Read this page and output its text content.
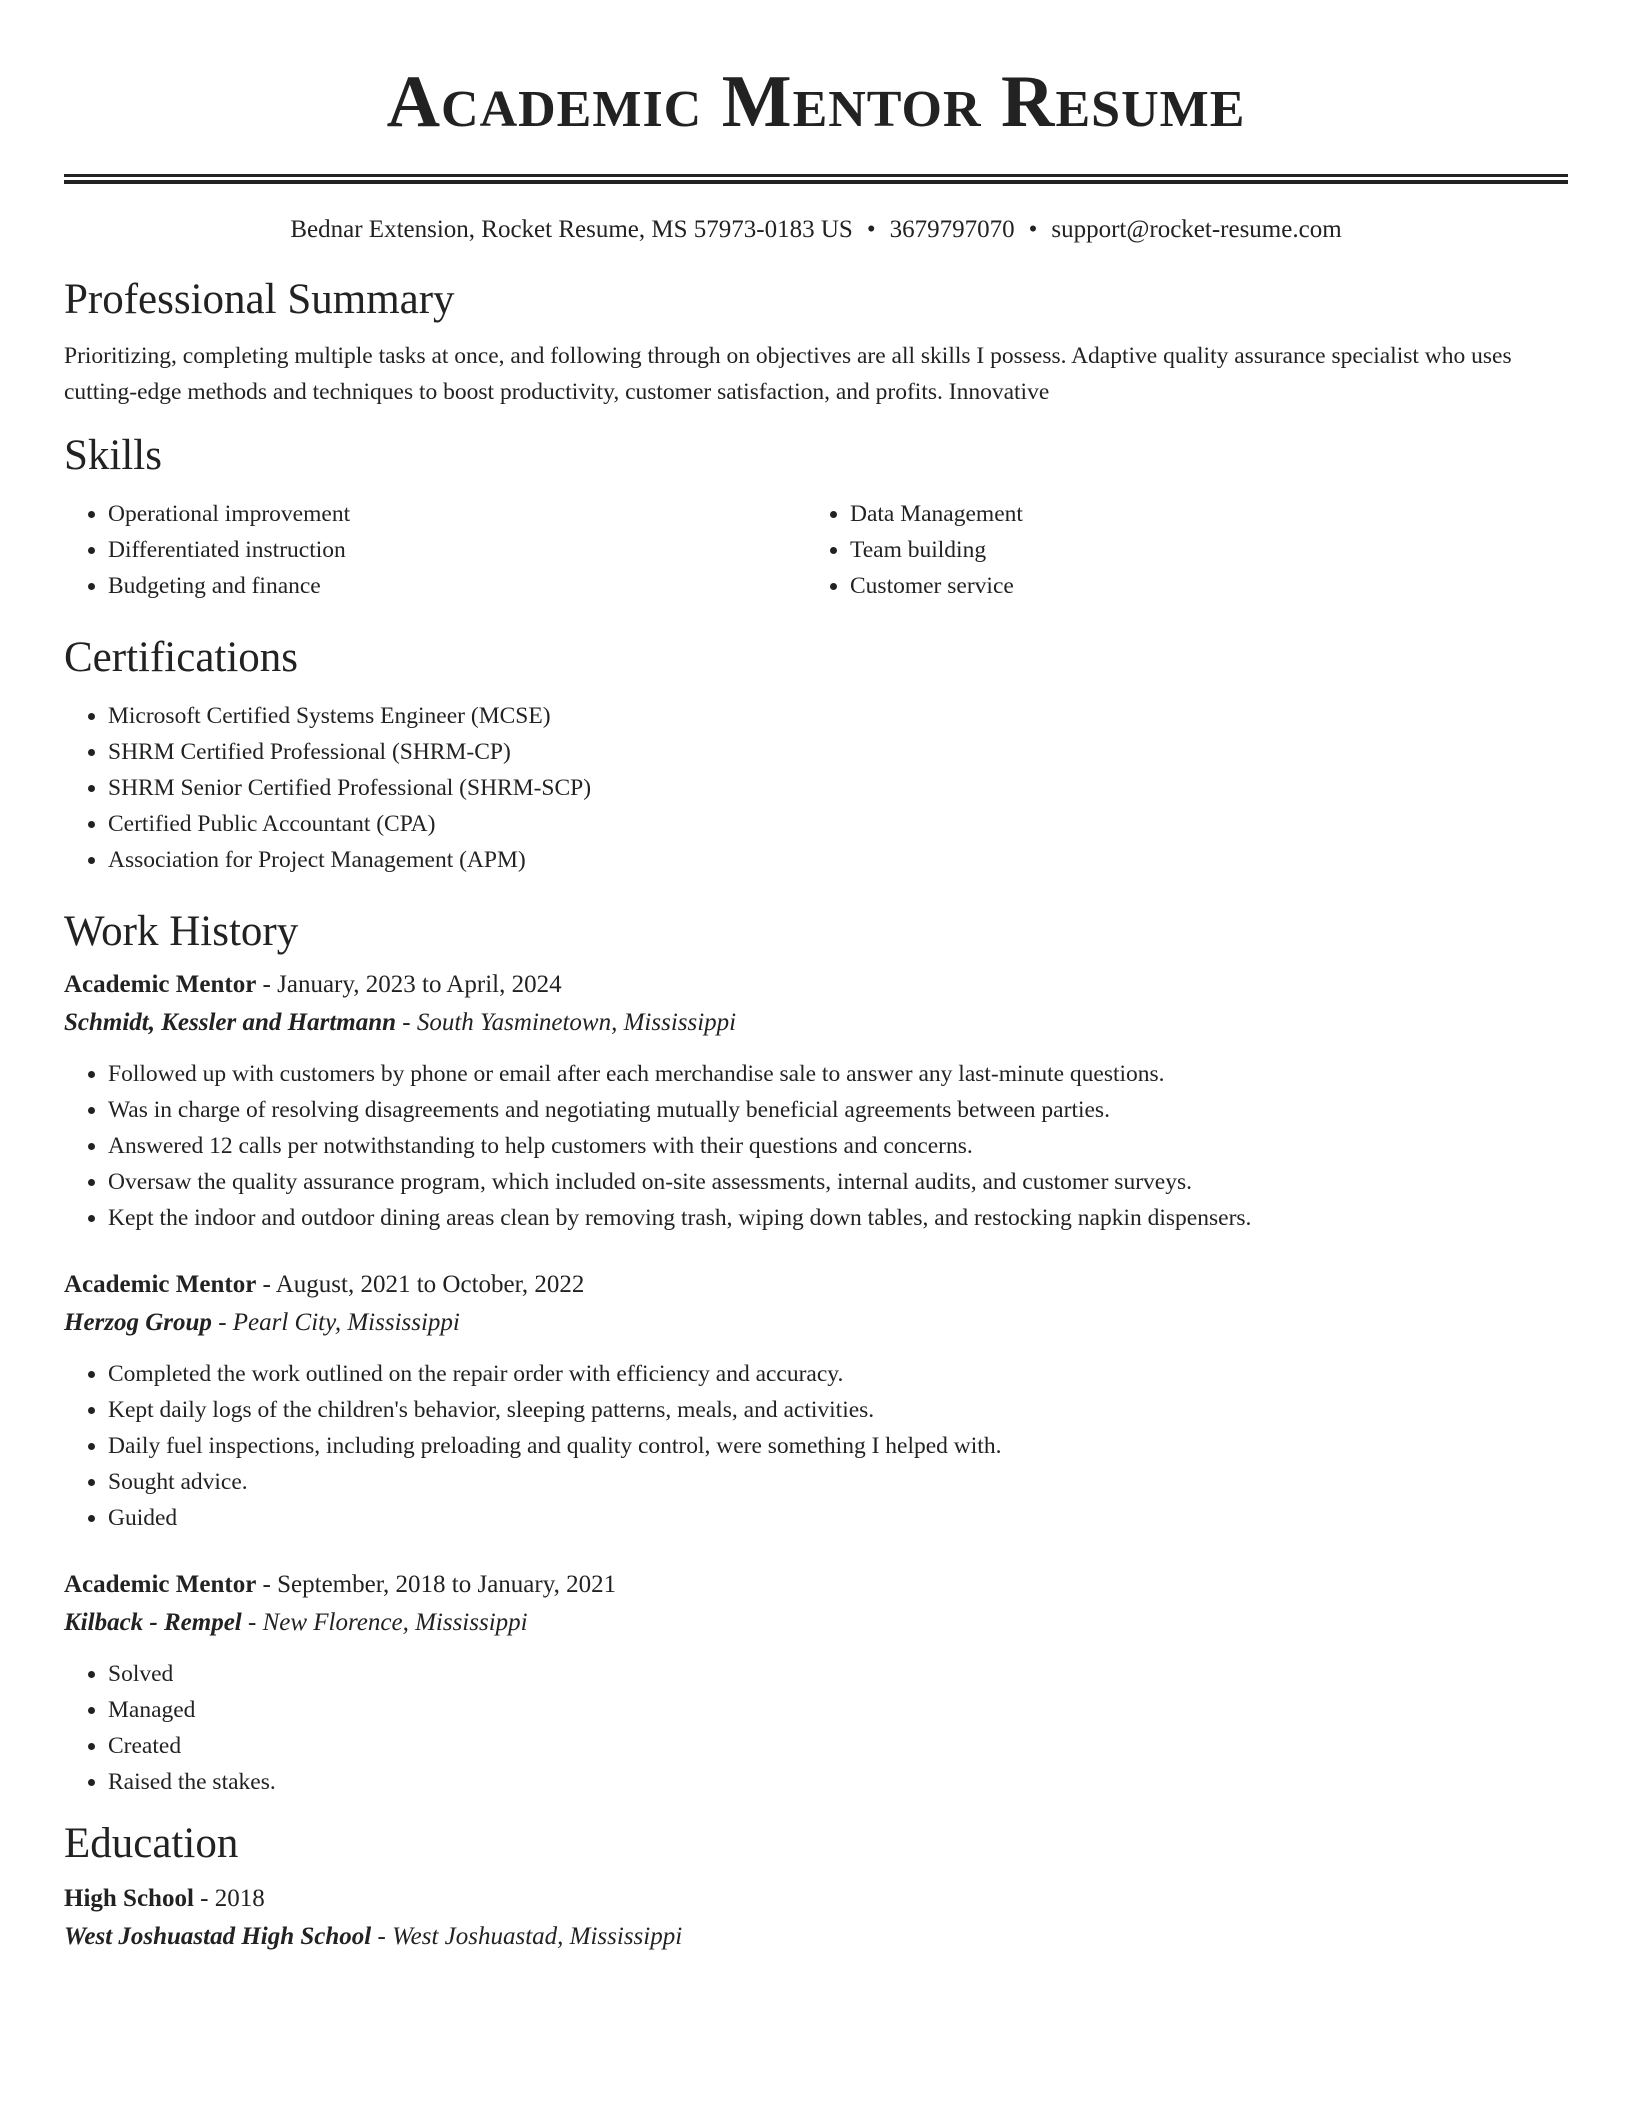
Academic Mentor Resume
Bednar Extension, Rocket Resume, MS 57973-0183 US • 3679797070 • support@rocket-resume.com
Professional Summary

Prioritizing, completing multiple tasks at once, and following through on objectives are all skills I possess. Adaptive quality assurance specialist who uses cutting-edge methods and techniques to boost productivity, customer satisfaction, and profits. Innovative

Skills
• Operational improvement
• Differentiated instruction
• Budgeting and finance
• Data Management
• Team building
• Customer service
Certifications
• Microsoft Certified Systems Engineer (MCSE)
• SHRM Certified Professional (SHRM-CP)
• SHRM Senior Certified Professional (SHRM-SCP)
• Certified Public Accountant (CPA)
• Association for Project Management (APM)
Work History
Academic Mentor - January, 2023 to April, 2024
Schmidt, Kessler and Hartmann - South Yasminetown, Mississippi
• Followed up with customers by phone or email after each merchandise sale to answer any last-minute questions.
• Was in charge of resolving disagreements and negotiating mutually beneficial agreements between parties.
• Answered 12 calls per notwithstanding to help customers with their questions and concerns.
• Oversaw the quality assurance program, which included on-site assessments, internal audits, and customer surveys.
• Kept the indoor and outdoor dining areas clean by removing trash, wiping down tables, and restocking napkin dispensers.
Academic Mentor - August, 2021 to October, 2022
Herzog Group - Pearl City, Mississippi
• Completed the work outlined on the repair order with efficiency and accuracy.
• Kept daily logs of the children's behavior, sleeping patterns, meals, and activities.
• Daily fuel inspections, including preloading and quality control, were something I helped with.
• Sought advice.
• Guided
Academic Mentor - September, 2018 to January, 2021
Kilback - Rempel - New Florence, Mississippi
• Solved
• Managed
• Created
• Raised the stakes.
Education
High School - 2018
West Joshuastad High School - West Joshuastad, Mississippi
